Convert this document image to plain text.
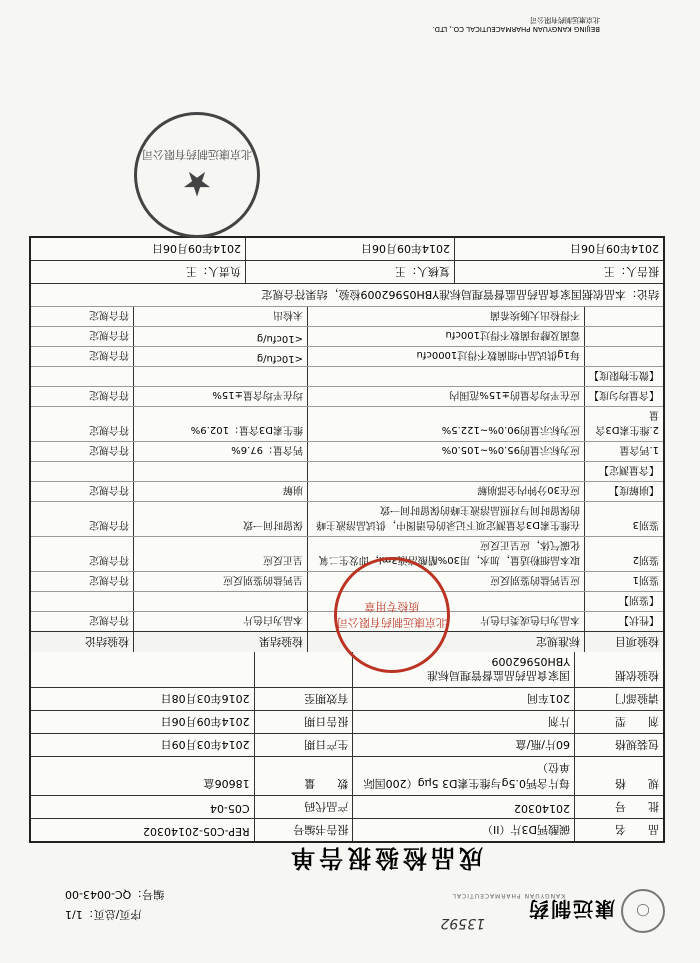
◯
康远制药
KANGYUAN PHARMACEUTICAL
13592
序页/总页：1/1
编号：QC-0043-00
成品检验报告单
品　　名
碳酸钙D3片（II）
报告书编号
REP-C05-20140302
批　　号
20140302
产品代码
C05-04
规　　格
每片含钙0.5g与维生素D3 5μg（200国际单位）
数　　量
18606盒
包装规格
60片/瓶/盒
生产日期
2014年03月09日
剂　　型
片剂
报告日期
2014年09月06日
请验部门
201车间
有效期至
2016年03月08日
检验依据
国家食品药品监督管理局标准YBH05962009
检验项目
标准规定
检验结果
检验结论
【性状】
本品为白色或类白色片
本品为白色片
符合规定
【鉴别】
鉴别1
应呈钙盐的鉴别反应
呈钙盐的鉴别反应
符合规定
鉴别2
取本品细粉适量，加水，用30%醋酸溶液3ml，即发生二氧化碳气体，应呈正反应
呈正反应
符合规定
鉴别3
在维生素D3含量测定项下记录的色谱图中，供试品溶液主峰的保留时间与对照品溶液主峰的保留时间一致
保留时间一致
符合规定
【崩解度】
应在30分钟内全部崩解
崩解
符合规定
【含量测定】
1.钙含量
应为标示量的95.0%~105.0%
钙含量：97.6%
符合规定
2.维生素D3含量
应为标示量的90.0%~122.5%
维生素D3含量：102.9%
符合规定
【含量均匀度】
应在平均含量的±15%范围内
均在平均含量±15%
符合规定
【微生物限度】
每1g供试品中细菌数不得过1000cfu
<10cfu/g
符合规定
霉菌及酵母菌数不得过100cfu
<10cfu/g
符合规定
不得检出大肠埃希菌
未检出
符合规定
结论：本品依据国家食品药品监督管理局标准YBH05962009检验，结果符合规定
报告人：王
复核人：王
负责人：王
2014年09月06日
2014年09月06日
2014年09月06日
北京康远制药有限公司质检专用章
★
北京康远制药有限公司
BEIJING KANGYUAN PHARMACEUTICAL CO., LTD.
北京康远制药有限公司
